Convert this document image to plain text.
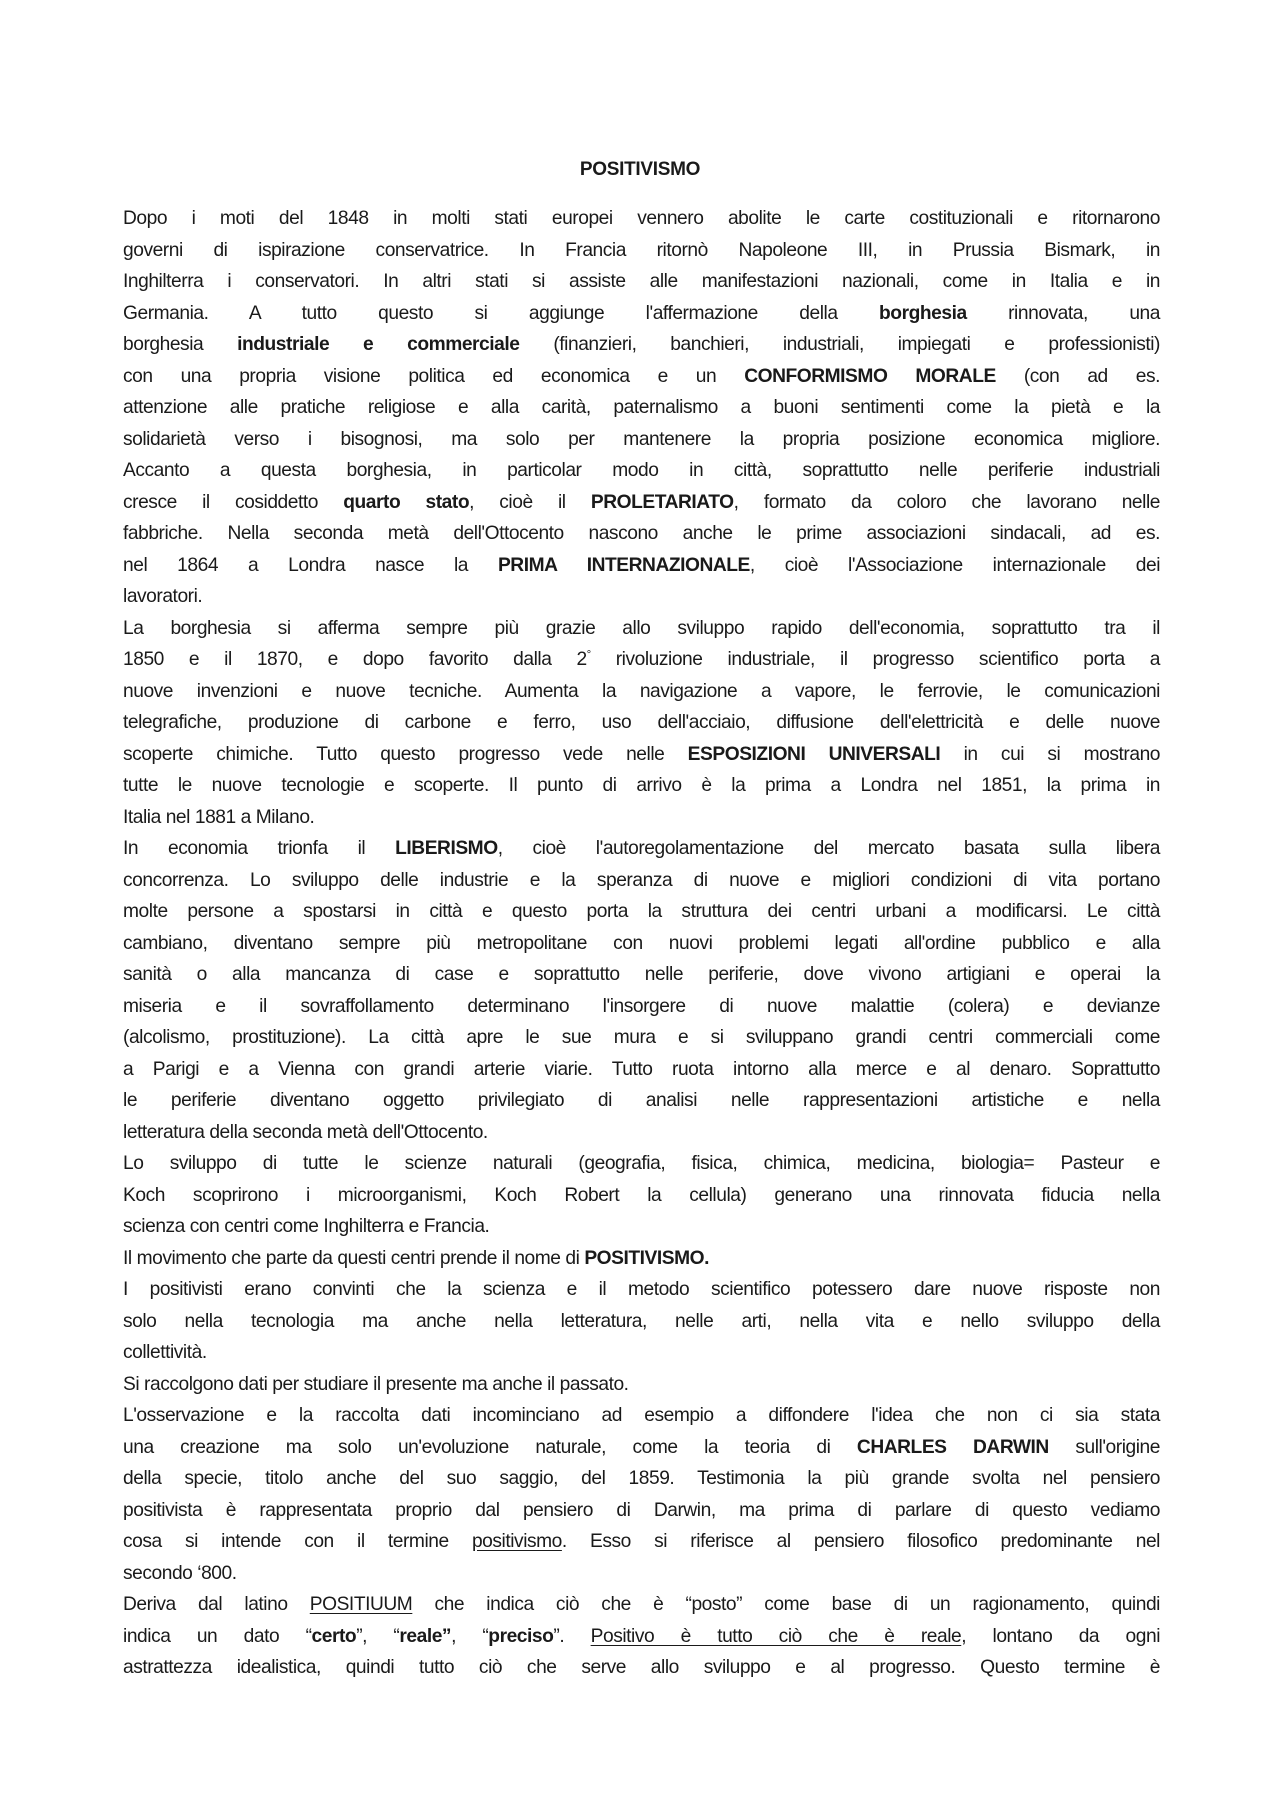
POSITIVISMO
Dopo i moti del 1848 in molti stati europei vennero abolite le carte costituzionali e ritornarono
governi di ispirazione conservatrice. In Francia ritornò Napoleone III, in Prussia Bismark, in
Inghilterra i conservatori. In altri stati si assiste alle manifestazioni nazionali, come in Italia e in
Germania. A tutto questo si aggiunge l'affermazione della borghesia rinnovata, una
borghesia industriale e commerciale (finanzieri, banchieri, industriali, impiegati e professionisti)
con una propria visione politica ed economica e un CONFORMISMO MORALE (con ad es.
attenzione alle pratiche religiose e alla carità, paternalismo a buoni sentimenti come la pietà e la
solidarietà verso i bisognosi, ma solo per mantenere la propria posizione economica migliore.
Accanto a questa borghesia, in particolar modo in città, soprattutto nelle periferie industriali
cresce il cosiddetto quarto stato, cioè il PROLETARIATO, formato da coloro che lavorano nelle
fabbriche. Nella seconda metà dell'Ottocento nascono anche le prime associazioni sindacali, ad es.
nel 1864 a Londra nasce la PRIMA INTERNAZIONALE, cioè l'Associazione internazionale dei
lavoratori.
La borghesia si afferma sempre più grazie allo sviluppo rapido dell'economia, soprattutto tra il
1850 e il 1870, e dopo favorito dalla 2° rivoluzione industriale, il progresso scientifico porta a
nuove invenzioni e nuove tecniche. Aumenta la navigazione a vapore, le ferrovie, le comunicazioni
telegrafiche, produzione di carbone e ferro, uso dell'acciaio, diffusione dell'elettricità e delle nuove
scoperte chimiche. Tutto questo progresso vede nelle ESPOSIZIONI UNIVERSALI in cui si mostrano
tutte le nuove tecnologie e scoperte. Il punto di arrivo è la prima a Londra nel 1851, la prima in
Italia nel 1881 a Milano.
In economia trionfa il LIBERISMO, cioè l'autoregolamentazione del mercato basata sulla libera
concorrenza. Lo sviluppo delle industrie e la speranza di nuove e migliori condizioni di vita portano
molte persone a spostarsi in città e questo porta la struttura dei centri urbani a modificarsi. Le città
cambiano, diventano sempre più metropolitane con nuovi problemi legati all'ordine pubblico e alla
sanità o alla mancanza di case e soprattutto nelle periferie, dove vivono artigiani e operai la
miseria e il sovraffollamento determinano l'insorgere di nuove malattie (colera) e devianze
(alcolismo, prostituzione). La città apre le sue mura e si sviluppano grandi centri commerciali come
a Parigi e a Vienna con grandi arterie viarie. Tutto ruota intorno alla merce e al denaro. Soprattutto
le periferie diventano oggetto privilegiato di analisi nelle rappresentazioni artistiche e nella
letteratura della seconda metà dell'Ottocento.
Lo sviluppo di tutte le scienze naturali (geografia, fisica, chimica, medicina, biologia= Pasteur e
Koch scoprirono i microorganismi, Koch Robert la cellula) generano una rinnovata fiducia nella
scienza con centri come Inghilterra e Francia.
Il movimento che parte da questi centri prende il nome di POSITIVISMO.
I positivisti erano convinti che la scienza e il metodo scientifico potessero dare nuove risposte non
solo nella tecnologia ma anche nella letteratura, nelle arti, nella vita e nello sviluppo della
collettività.
Si raccolgono dati per studiare il presente ma anche il passato.
L'osservazione e la raccolta dati incominciano ad esempio a diffondere l'idea che non ci sia stata
una creazione ma solo un'evoluzione naturale, come la teoria di CHARLES DARWIN sull'origine
della specie, titolo anche del suo saggio, del 1859. Testimonia la più grande svolta nel pensiero
positivista è rappresentata proprio dal pensiero di Darwin, ma prima di parlare di questo vediamo
cosa si intende con il termine positivismo. Esso si riferisce al pensiero filosofico predominante nel
secondo ‘800.
Deriva dal latino POSITIUUM che indica ciò che è “posto” come base di un ragionamento, quindi
indica un dato “certo”, “reale”, “preciso”. Positivo è tutto ciò che è reale, lontano da ogni
astrattezza idealistica, quindi tutto ciò che serve allo sviluppo e al progresso. Questo termine è
